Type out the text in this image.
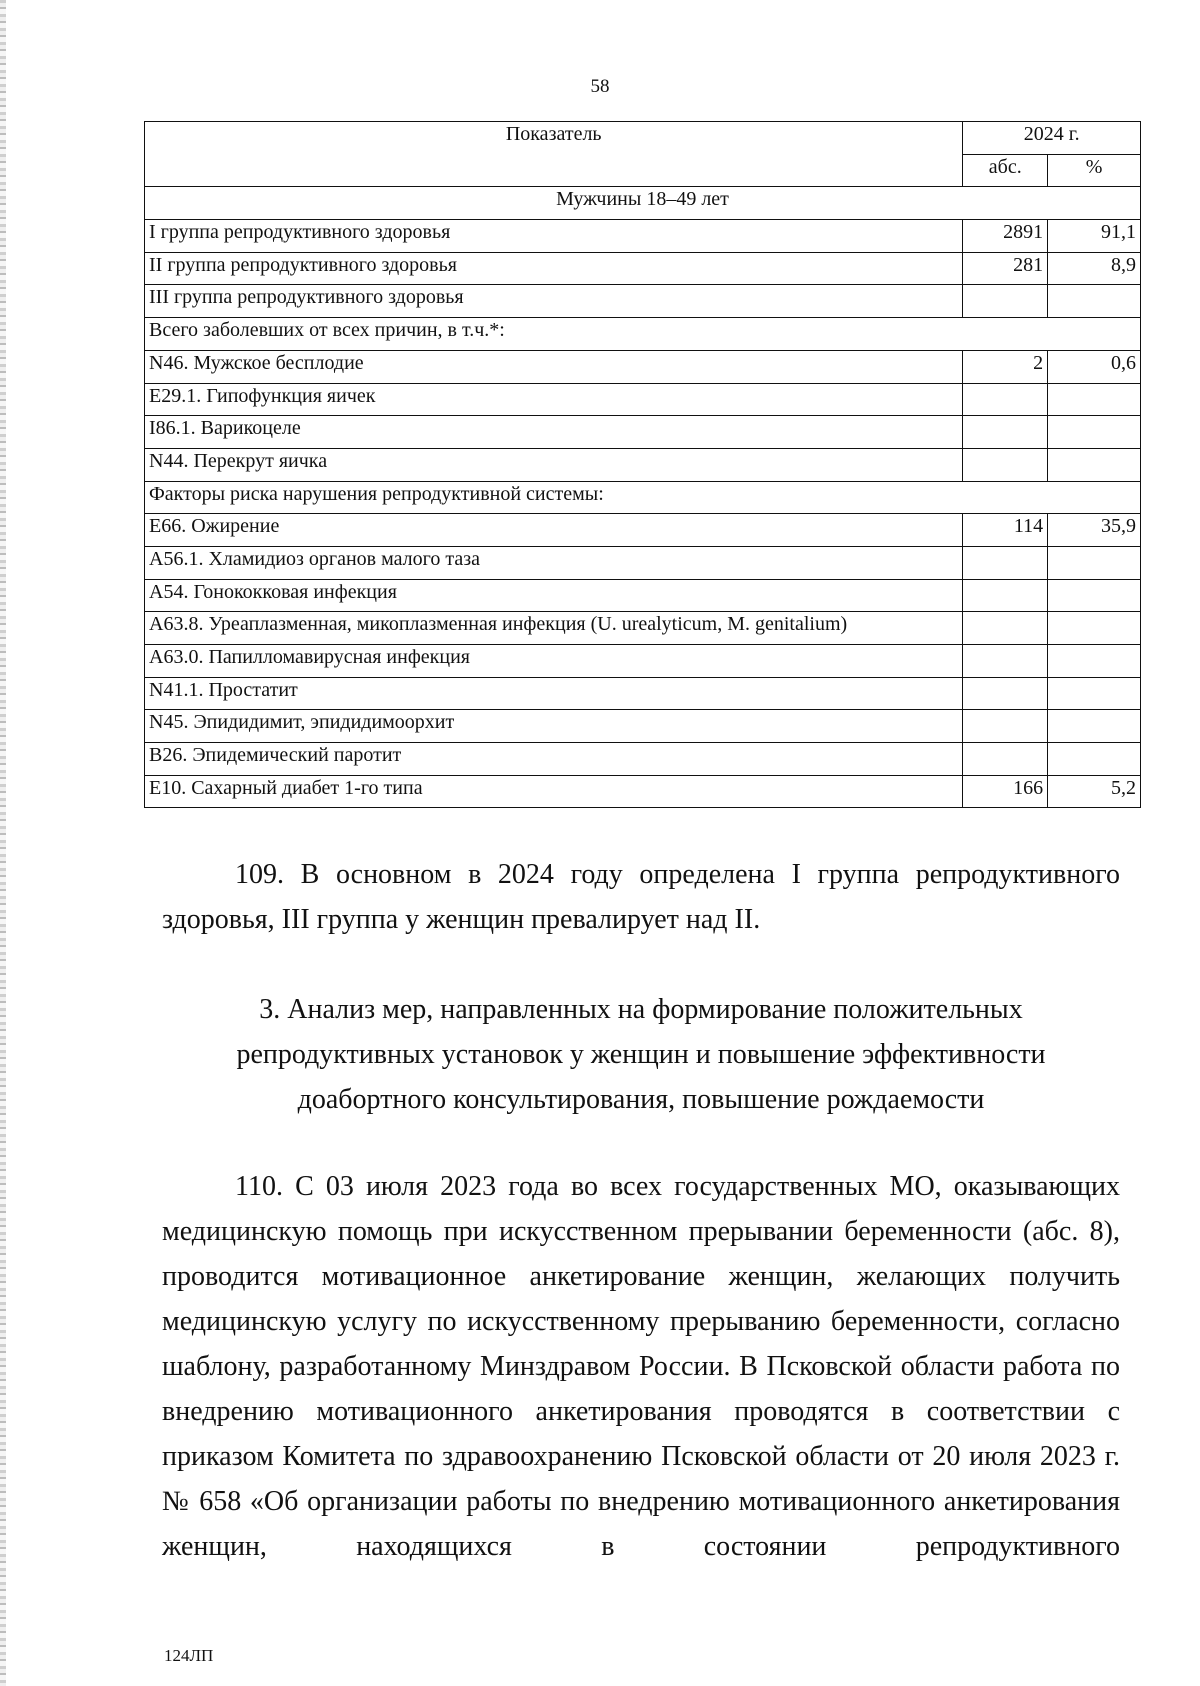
58
Показатель	2024 г.	
	абс.	%
Мужчины 18–49 лет		
I группа репродуктивного здоровья	2891	91,1
II группа репродуктивного здоровья	281	8,9
III группа репродуктивного здоровья		
Всего заболевших от всех причин, в т.ч.*:		
N46. Мужское бесплодие	2	0,6
E29.1. Гипофункция яичек		
I86.1. Варикоцеле		
N44. Перекрут яичка		
Факторы риска нарушения репродуктивной системы:		
E66. Ожирение	114	35,9
A56.1. Хламидиоз органов малого таза		
A54. Гонококковая инфекция		
A63.8. Уреаплазменная, микоплазменная инфекция (U. urealyticum, M. genitalium)		
A63.0. Папилломавирусная инфекция		
N41.1. Простатит		
N45. Эпидидимит, эпидидимоорхит		
B26. Эпидемический паротит		
E10. Сахарный диабет 1-го типа	166	5,2
109. В основном в 2024 году определена I группа репродуктивного здоровья, III группа у женщин превалирует над II.
3. Анализ мер, направленных на формирование положительных репродуктивных установок у женщин и повышение эффективности доабортного консультирования, повышение рождаемости
110. С 03 июля 2023 года во всех государственных МО, оказывающих медицинскую помощь при искусственном прерывании беременности (абс. 8), проводится мотивационное анкетирование женщин, желающих получить медицинскую услугу по искусственному прерыванию беременности, согласно шаблону, разработанному Минздравом России. В Псковской области работа по внедрению мотивационного анкетирования проводятся в соответствии с приказом Комитета по здравоохранению Псковской области от 20 июля 2023 г. № 658 «Об организации работы по внедрению мотивационного анкетирования женщин, находящихся в состоянии репродуктивного
124ЛП
